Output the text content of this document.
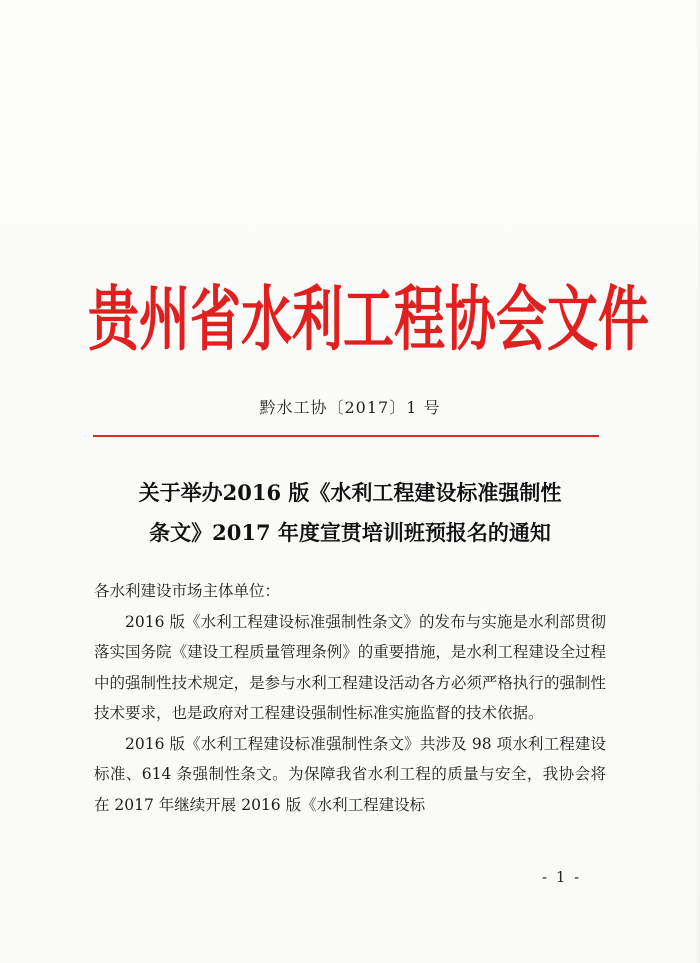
贵州省水利工程协会文件
黔水工协〔2017〕1 号
关于举办2016 版《水利工程建设标准强制性
条文》2017 年度宣贯培训班预报名的通知

各水利建设市场主体单位：

2016 版《水利工程建设标准强制性条文》的发布与实施是水利部贯彻落实国务院《建设工程质量管理条例》的重要措施，是水利工程建设全过程中的强制性技术规定，是参与水利工程建设活动各方必须严格执行的强制性技术要求，也是政府对工程建设强制性标准实施监督的技术依据。

2016 版《水利工程建设标准强制性条文》共涉及 98 项水利工程建设标准、614 条强制性条文。为保障我省水利工程的质量与安全，我协会将在 2017 年继续开展 2016 版《水利工程建设标

- 1 -
